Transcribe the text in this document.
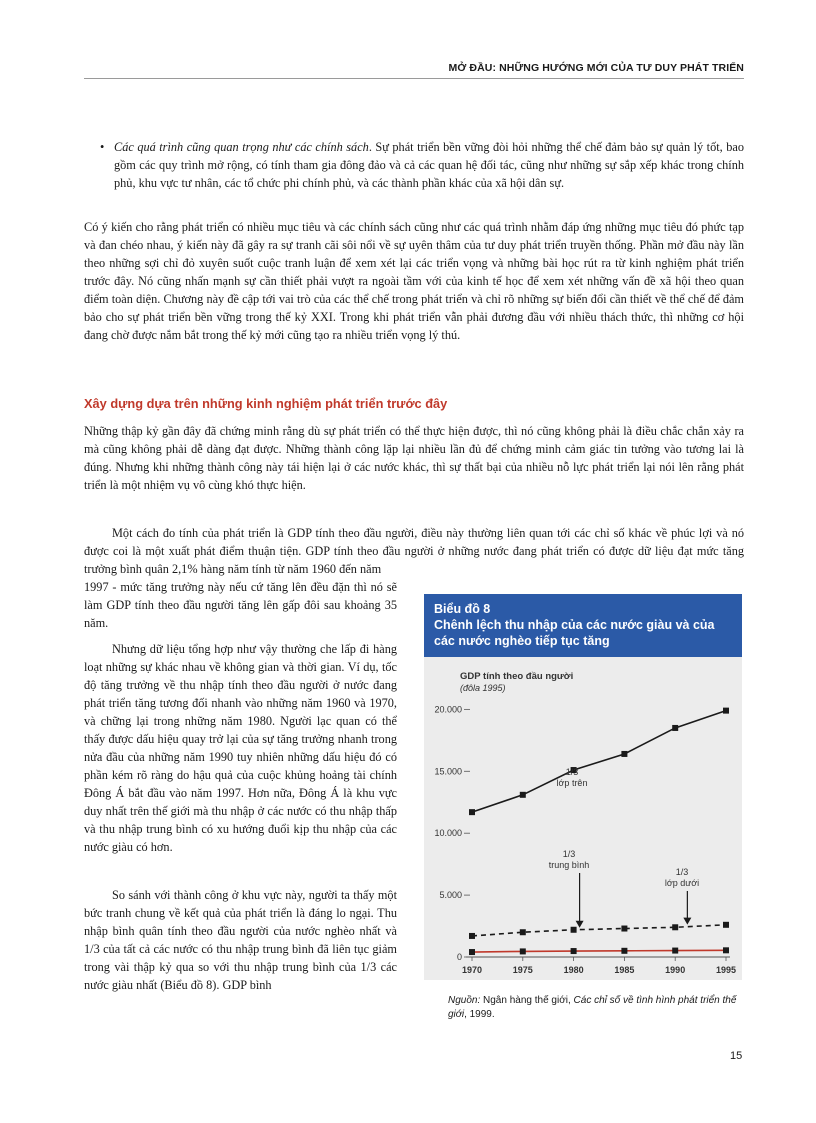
MỞ ĐẦU: NHỮNG HƯỚNG MỚI CỦA TƯ DUY PHÁT TRIỂN
• Các quá trình cũng quan trọng như các chính sách. Sự phát triển bền vững đòi hỏi những thể chế đảm bảo sự quản lý tốt, bao gồm các quy trình mở rộng, có tính tham gia đông đảo và cả các quan hệ đối tác, cũng như những sự sắp xếp khác trong chính phủ, khu vực tư nhân, các tổ chức phi chính phủ, và các thành phần khác của xã hội dân sự.

Có ý kiến cho rằng phát triển có nhiều mục tiêu và các chính sách cũng như các quá trình nhằm đáp ứng những mục tiêu đó phức tạp và đan chéo nhau, ý kiến này đã gây ra sự tranh cãi sôi nổi về sự uyên thâm của tư duy phát triển truyền thống. Phần mở đầu này lần theo những sợi chỉ đỏ xuyên suốt cuộc tranh luận để xem xét lại các triển vọng và những bài học rút ra từ kinh nghiệm phát triển trước đây. Nó cũng nhấn mạnh sự cần thiết phải vượt ra ngoài tầm với của kinh tế học để xem xét những vấn đề xã hội theo quan điểm toàn diện. Chương này đề cập tới vai trò của các thể chế trong phát triển và chỉ rõ những sự biến đổi cần thiết về thể chế để đảm bảo cho sự phát triển bền vững trong thế kỷ XXI. Trong khi phát triển vẫn phải đương đầu với nhiều thách thức, thì những cơ hội đang chờ được nắm bắt trong thế kỷ mới cũng tạo ra nhiều triển vọng lý thú.

Xây dựng dựa trên những kinh nghiệm phát triển trước đây

Những thập kỷ gần đây đã chứng minh rằng dù sự phát triển có thể thực hiện được, thì nó cũng không phải là điều chắc chắn xảy ra mà cũng không phải dễ dàng đạt được. Những thành công lặp lại nhiều lần đủ để chứng minh cảm giác tin tưởng vào tương lai là đúng. Nhưng khi những thành công này tái hiện lại ở các nước khác, thì sự thất bại của nhiều nỗ lực phát triển lại nói lên rằng phát triển là một nhiệm vụ vô cùng khó thực hiện.

Một cách đo tính của phát triển là GDP tính theo đầu người, điều này thường liên quan tới các chỉ số khác về phúc lợi và nó được coi là một xuất phát điểm thuận tiện. GDP tính theo đầu người ở những nước đang phát triển có được dữ liệu đạt mức tăng trưởng bình quân 2,1% hàng năm tính từ năm 1960 đến năm

1997 - mức tăng trưởng này nếu cứ tăng lên đều đặn thì nó sẽ làm GDP tính theo đầu người tăng lên gấp đôi sau khoảng 35 năm.

Nhưng dữ liệu tổng hợp như vậy thường che lấp đi hàng loạt những sự khác nhau về không gian và thời gian. Ví dụ, tốc độ tăng trưởng về thu nhập tính theo đầu người ở nước đang phát triển tăng tương đối nhanh vào những năm 1960 và 1970, và chững lại trong những năm 1980. Người lạc quan có thể thấy được dấu hiệu quay trở lại của sự tăng trưởng nhanh trong nửa đầu của những năm 1990 tuy nhiên những dấu hiệu đó có phần kém rõ ràng do hậu quả của cuộc khủng hoảng tài chính Đông Á bắt đầu vào năm 1997. Hơn nữa, Đông Á là khu vực duy nhất trên thế giới mà thu nhập ở các nước có thu nhập thấp và thu nhập trung bình có xu hướng đuổi kịp thu nhập của các nước giàu có hơn.

So sánh với thành công ở khu vực này, người ta thấy một bức tranh chung về kết quả của phát triển là đáng lo ngại. Thu nhập bình quân tính theo đầu người của nước nghèo nhất và 1/3 của tất cả các nước có thu nhập trung bình đã liên tục giảm trong vài thập kỷ qua so với thu nhập trung bình của 1/3 các nước giàu nhất (Biểu đồ 8). GDP bình

Biểu đồ 8
Chênh lệch thu nhập của các nước giàu và của các nước nghèo tiếp tục tăng
GDP tính theo đầu người
(đôla 1995)
0
5.000
10.000
15.000
20.000
1970	1975	1980	1985	1990	1995
1/3
lớp trên
1/3
trung bình
1/3
lớp dưới
Nguồn: Ngân hàng thế giới, Các chỉ số về tình hình phát triển thế giới, 1999.
15
